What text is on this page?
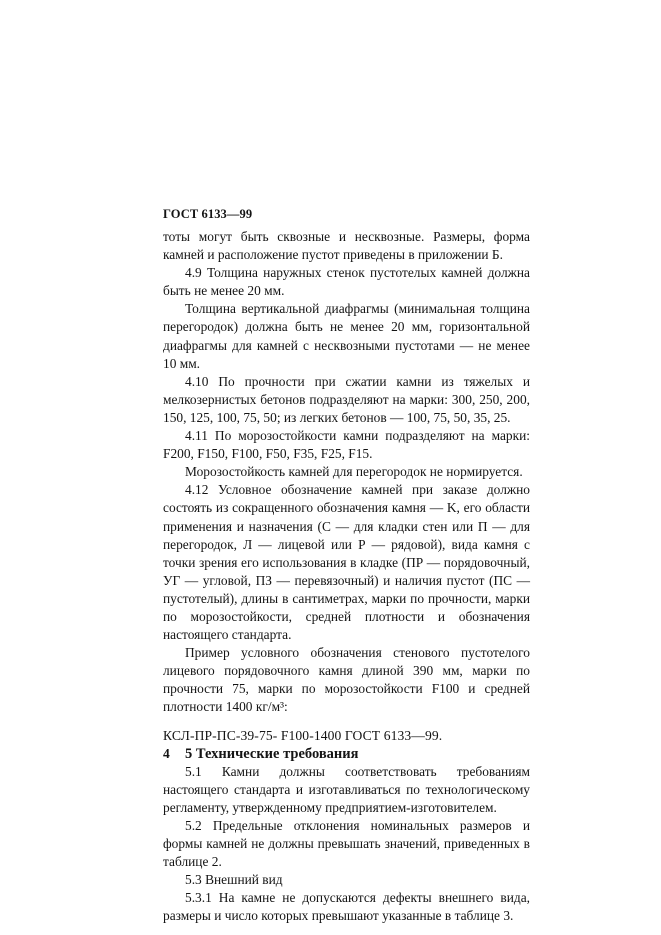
ГОСТ 6133—99

тоты могут быть сквозные и несквозные. Размеры, форма камней и расположение пустот приведены в приложении Б.

4.9 Толщина наружных стенок пустотелых камней должна быть не менее 20 мм.

Толщина вертикальной диафрагмы (минимальная толщина перегородок) должна быть не менее 20 мм, горизонтальной диафрагмы для камней с несквозными пустотами — не менее 10 мм.

4.10 По прочности при сжатии камни из тяжелых и мелкозернистых бетонов подразделяют на марки: 300, 250, 200, 150, 125, 100, 75, 50; из легких бетонов — 100, 75, 50, 35, 25.

4.11 По морозостойкости камни подразделяют на марки: F200, F150, F100, F50, F35, F25, F15.

Морозостойкость камней для перегородок не нормируется.

4.12 Условное обозначение камней при заказе должно состоять из сокращенного обозначения камня — K, его области применения и назначения (С — для кладки стен или П — для перегородок, Л — лицевой или Р — рядовой), вида камня с точки зрения его использования в кладке (ПР — порядовочный, УГ — угловой, ПЗ — перевязочный) и наличия пустот (ПС — пустотелый), длины в сантиметрах, марки по прочности, марки по морозостойкости, средней плотности и обозначения настоящего стандарта.

Пример условного обозначения стенового пустотелого лицевого порядовочного камня длиной 390 мм, марки по прочности 75, марки по морозостойкости F100 и средней плотности 1400 кг/м³:

КСЛ-ПР-ПС-39-75- F100-1400 ГОСТ 6133—99.

5 Технические требования

5.1 Камни должны соответствовать требованиям настоящего стандарта и изготавливаться по технологическому регламенту, утвержденному предприятием-изготовителем.

5.2 Предельные отклонения номинальных размеров и формы камней не должны превышать значений, приведенных в таблице 2.

5.3 Внешний вид

5.3.1 На камне не допускаются дефекты внешнего вида, размеры и число которых превышают указанные в таблице 3.

4
